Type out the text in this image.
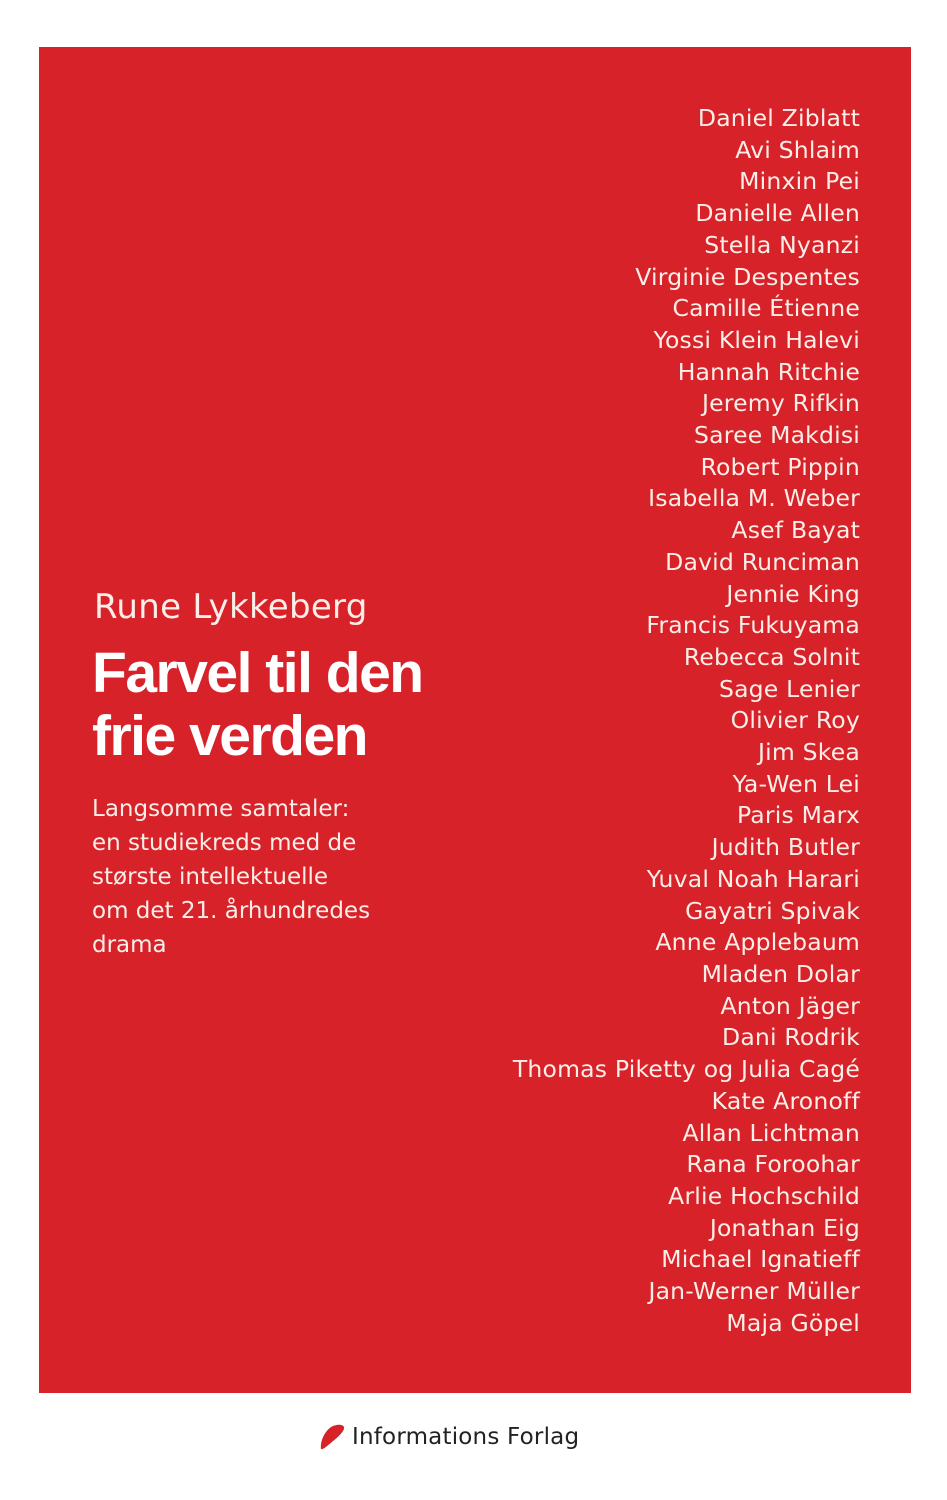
Daniel Ziblatt
Avi Shlaim
Minxin Pei
Danielle Allen
Stella Nyanzi
Virginie Despentes
Camille Étienne
Yossi Klein Halevi
Hannah Ritchie
Jeremy Rifkin
Saree Makdisi
Robert Pippin
Isabella M. Weber
Asef Bayat
David Runciman
Jennie King
Francis Fukuyama
Rebecca Solnit
Sage Lenier
Olivier Roy
Jim Skea
Ya-Wen Lei
Paris Marx
Judith Butler
Yuval Noah Harari
Gayatri Spivak
Anne Applebaum
Mladen Dolar
Anton Jäger
Dani Rodrik
Thomas Piketty og Julia Cagé
Kate Aronoff
Allan Lichtman
Rana Foroohar
Arlie Hochschild
Jonathan Eig
Michael Ignatieff
Jan-Werner Müller
Maja Göpel
Rune Lykkeberg
Farvel til den
frie verden

Langsomme samtaler:
en studiekreds med de
største intellektuelle
om det 21. århundredes
drama

Informations Forlag
